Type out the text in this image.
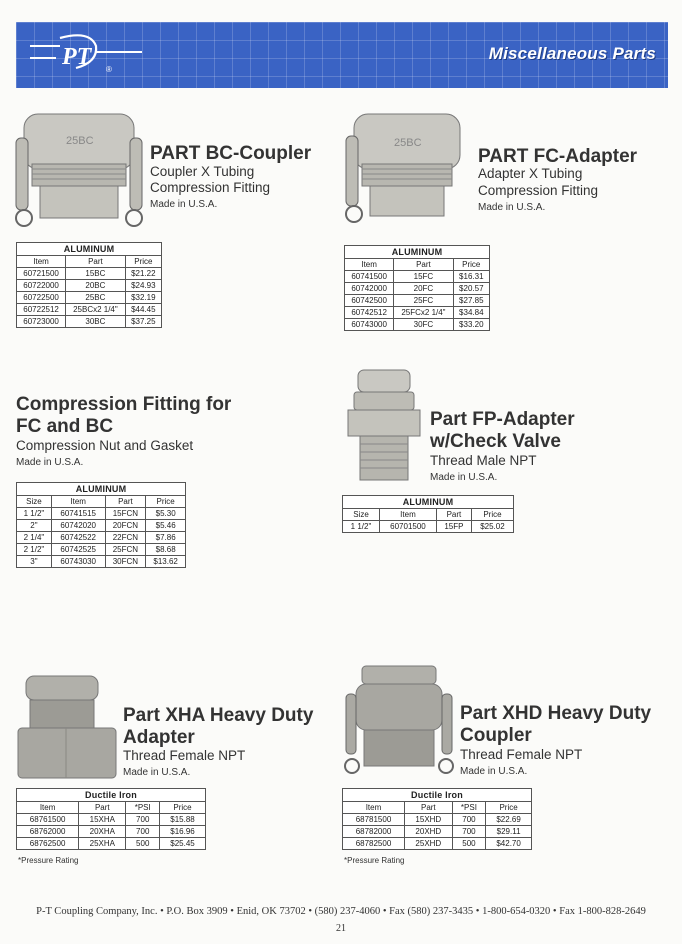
PT ®
Miscellaneous Parts
25BC
PART BC-Coupler
Coupler X Tubing
Compression Fitting
Made in U.S.A.
ALUMINUM		
Item	Part	Price
60721500	15BC	$21.22
60722000	20BC	$24.93
60722500	25BC	$32.19
60722512	25BCx2 1/4"	$44.45
60723000	30BC	$37.25
25BC
PART FC-Adapter
Adapter X Tubing
Compression Fitting
Made in U.S.A.
ALUMINUM		
Item	Part	Price
60741500	15FC	$16.31
60742000	20FC	$20.57
60742500	25FC	$27.85
60742512	25FCx2 1/4"	$34.84
60743000	30FC	$33.20
Compression Fitting for
FC and BC
Compression Nut and Gasket
Made in U.S.A.
ALUMINUM			
Size	Item	Part	Price
1 1/2"	60741515	15FCN	$5.30
2"	60742020	20FCN	$5.46
2 1/4"	60742522	22FCN	$7.86
2 1/2"	60742525	25FCN	$8.68
3"	60743030	30FCN	$13.62
Part FP-Adapter
w/Check Valve
Thread Male NPT
Made in U.S.A.
ALUMINUM			
Size	Item	Part	Price
1 1/2"	60701500	15FP	$25.02
Part XHA Heavy Duty
Adapter
Thread Female NPT
Made in U.S.A.
Ductile Iron			
Item	Part	*PSI	Price
68761500	15XHA	700	$15.88
68762000	20XHA	700	$16.96
68762500	25XHA	500	$25.45
*Pressure Rating
Part XHD Heavy Duty
Coupler
Thread Female NPT
Made in U.S.A.
Ductile Iron			
Item	Part	*PSI	Price
68781500	15XHD	700	$22.69
68782000	20XHD	700	$29.11
68782500	25XHD	500	$42.70
*Pressure Rating
P-T Coupling Company, Inc. • P.O. Box 3909 • Enid, OK 73702 • (580) 237-4060 • Fax (580) 237-3435 • 1-800-654-0320 • Fax 1-800-828-2649
21
